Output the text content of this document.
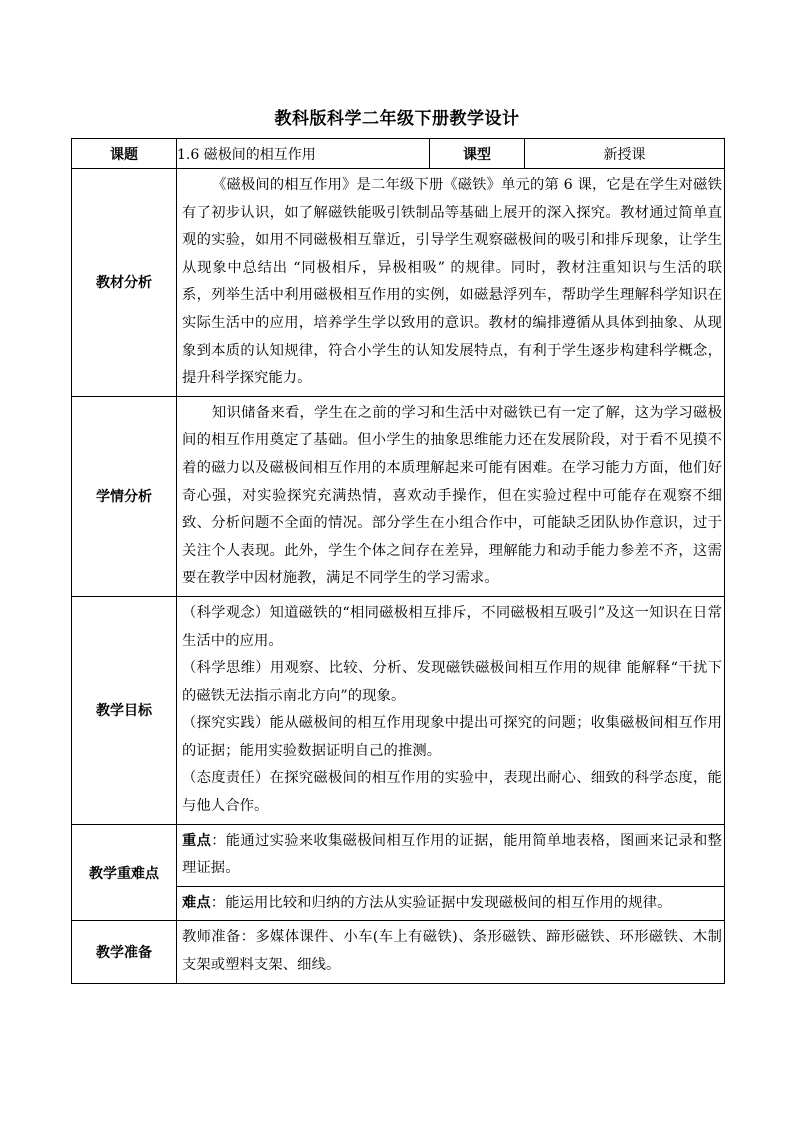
教科版科学二年级下册教学设计
课题	1.6 磁极间的相互作用	课型	新授课
教材分析	《磁极间的相互作用》是二年级下册《磁铁》单元的第 6 课，它是在学生对磁铁有了初步认识，如了解磁铁能吸引铁制品等基础上展开的深入探究。教材通过简单直观的实验，如用不同磁极相互靠近，引导学生观察磁极间的吸引和排斥现象，让学生从现象中总结出 “同极相斥，异极相吸” 的规律。同时，教材注重知识与生活的联系，列举生活中利用磁极相互作用的实例，如磁悬浮列车，帮助学生理解科学知识在实际生活中的应用，培养学生学以致用的意识。教材的编排遵循从具体到抽象、从现象到本质的认知规律，符合小学生的认知发展特点，有利于学生逐步构建科学概念，提升科学探究能力。		

学情分析	知识储备来看，学生在之前的学习和生活中对磁铁已有一定了解，这为学习磁极间的相互作用奠定了基础。但小学生的抽象思维能力还在发展阶段，对于看不见摸不着的磁力以及磁极间相互作用的本质理解起来可能有困难。在学习能力方面，他们好奇心强，对实验探究充满热情，喜欢动手操作，但在实验过程中可能存在观察不细致、分析问题不全面的情况。部分学生在小组合作中，可能缺乏团队协作意识，过于关注个人表现。此外，学生个体之间存在差异，理解能力和动手能力参差不齐，这需要在教学中因材施教，满足不同学生的学习需求。		

教学目标	（科学观念）知道磁铁的“相同磁极相互排斥，不同磁极相互吸引”及这一知识在日常生活中的应用。
（科学思维）用观察、比较、分析、发现磁铁磁极间相互作用的规律 能解释“干扰下的磁铁无法指示南北方向”的现象。
（探究实践）能从磁极间的相互作用现象中提出可探究的问题；收集磁极间相互作用的证据；能用实验数据证明自己的推测。
（态度责任）在探究磁极间的相互作用的实验中，表现出耐心、细致的科学态度，能与他人合作。		

教学重难点	重点：能通过实验来收集磁极间相互作用的证据，能用简单地表格，图画来记录和整理证据。		

	难点：能运用比较和归纳的方法从实验证据中发现磁极间的相互作用的规律。		

教学准备	教师准备：多媒体课件、小车(车上有磁铁)、条形磁铁、蹄形磁铁、环形磁铁、木制支架或塑料支架、细线。		
